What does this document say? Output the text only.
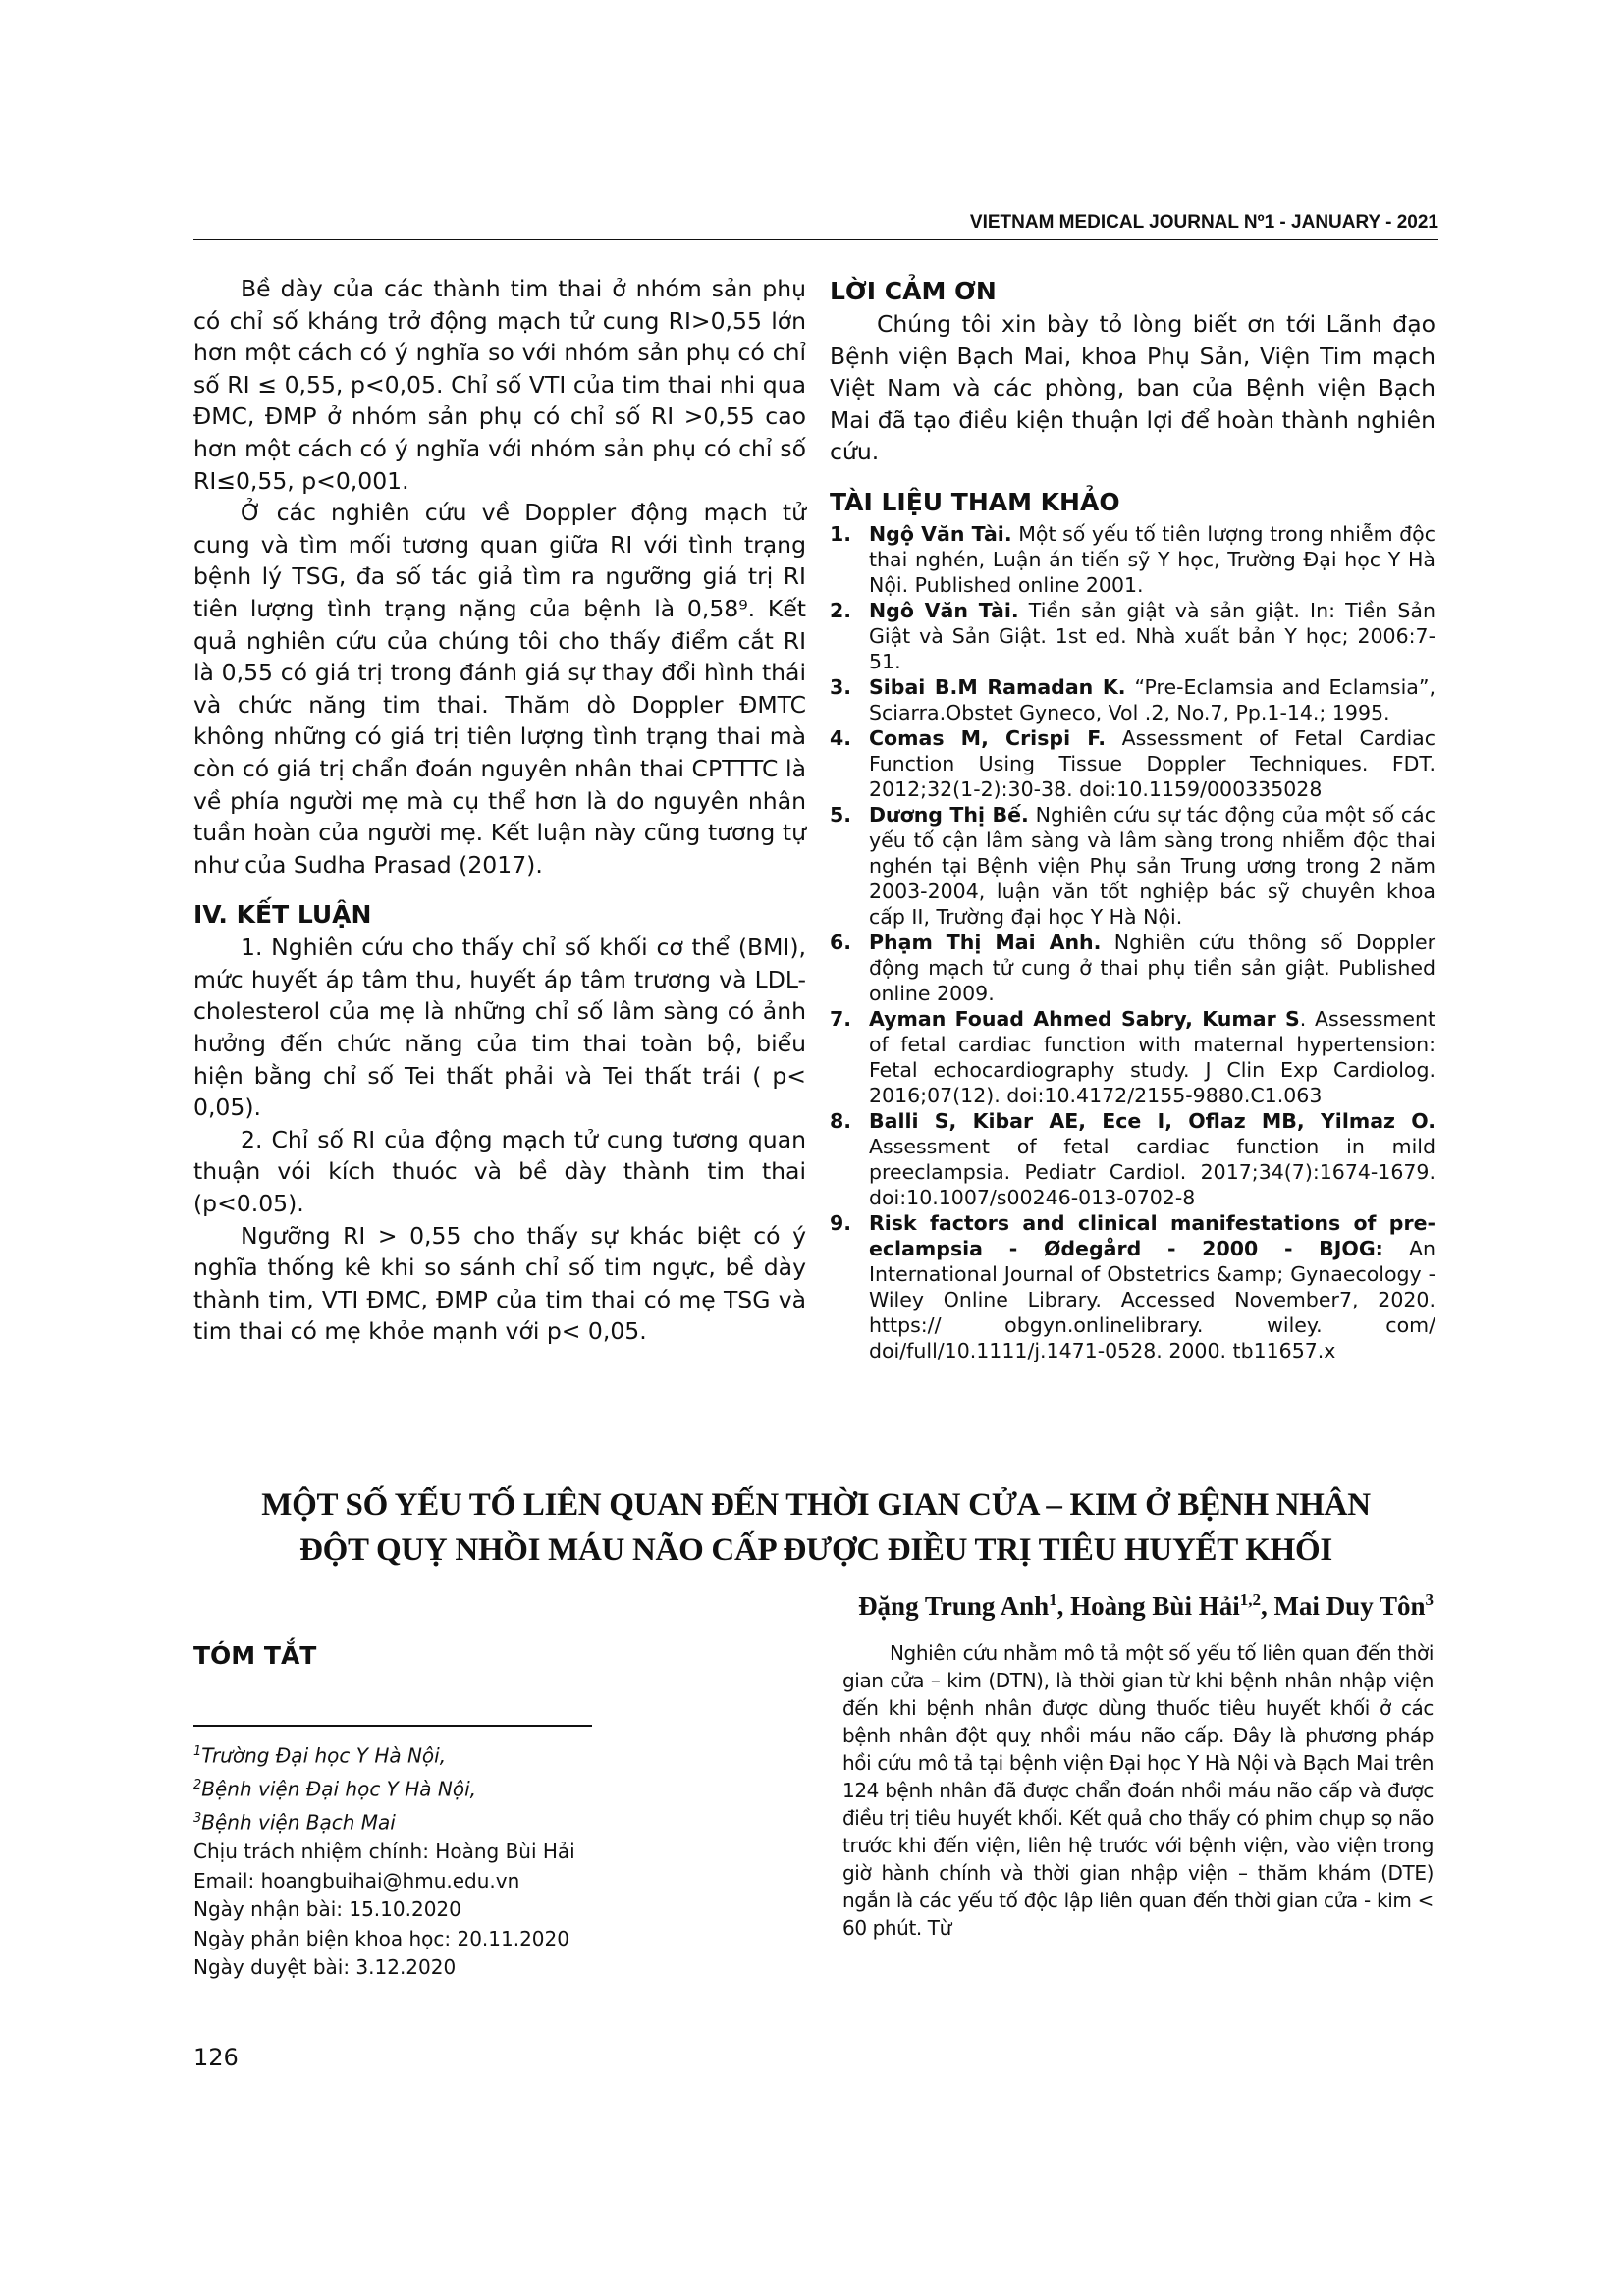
VIETNAM MEDICAL JOURNAL Nº1 - JANUARY - 2021

Bề dày của các thành tim thai ở nhóm sản phụ có chỉ số kháng trở động mạch tử cung RI>0,55 lớn hơn một cách có ý nghĩa so với nhóm sản phụ có chỉ số RI ≤ 0,55, p<0,05. Chỉ số VTI của tim thai nhi qua ĐMC, ĐMP ở nhóm sản phụ có chỉ số RI >0,55 cao hơn một cách có ý nghĩa với nhóm sản phụ có chỉ số RI≤0,55, p<0,001.

Ở các nghiên cứu về Doppler động mạch tử cung và tìm mối tương quan giữa RI với tình trạng bệnh lý TSG, đa số tác giả tìm ra ngưỡng giá trị RI tiên lượng tình trạng nặng của bệnh là 0,58⁹. Kết quả nghiên cứu của chúng tôi cho thấy điểm cắt RI là 0,55 có giá trị trong đánh giá sự thay đổi hình thái và chức năng tim thai. Thăm dò Doppler ĐMTC không những có giá trị tiên lượng tình trạng thai mà còn có giá trị chẩn đoán nguyên nhân thai CPTTTC là về phía người mẹ mà cụ thể hơn là do nguyên nhân tuần hoàn của người mẹ. Kết luận này cũng tương tự như của Sudha Prasad (2017).

IV. KẾT LUẬN

1. Nghiên cứu cho thấy chỉ số khối cơ thể (BMI), mức huyết áp tâm thu, huyết áp tâm trương và LDL-cholesterol của mẹ là những chỉ số lâm sàng có ảnh hưởng đến chức năng của tim thai toàn bộ, biểu hiện bằng chỉ số Tei thất phải và Tei thất trái ( p< 0,05).

2. Chỉ số RI của động mạch tử cung tương quan thuận vói kích thuóc và bề dày thành tim thai (p<0.05).

Ngưỡng RI > 0,55 cho thấy sự khác biệt có ý nghĩa thống kê khi so sánh chỉ số tim ngực, bề dày thành tim, VTI ĐMC, ĐMP của tim thai có mẹ TSG và tim thai có mẹ khỏe mạnh với p< 0,05.

LỜI CẢM ƠN

Chúng tôi xin bày tỏ lòng biết ơn tới Lãnh đạo Bệnh viện Bạch Mai, khoa Phụ Sản, Viện Tim mạch Việt Nam và các phòng, ban của Bệnh viện Bạch Mai đã tạo điều kiện thuận lợi để hoàn thành nghiên cứu.

TÀI LIỆU THAM KHẢO
1. Ngộ Văn Tài. Một số yếu tố tiên lượng trong nhiễm độc thai nghén, Luận án tiến sỹ Y học, Trường Đại học Y Hà Nội. Published online 2001.
2. Ngô Văn Tài. Tiền sản giật và sản giật. In: Tiền Sản Giật và Sản Giật. 1st ed. Nhà xuất bản Y học; 2006:7-51.
3. Sibai B.M Ramadan K. “Pre-Eclamsia and Eclamsia”, Sciarra.Obstet Gyneco, Vol .2, No.7, Pp.1-14.; 1995.
4. Comas M, Crispi F. Assessment of Fetal Cardiac Function Using Tissue Doppler Techniques. FDT. 2012;32(1-2):30-38. doi:10.1159/000335028
5. Dương Thị Bế. Nghiên cứu sự tác động của một số các yếu tố cận lâm sàng và lâm sàng trong nhiễm độc thai nghén tại Bệnh viện Phụ sản Trung ương trong 2 năm 2003-2004, luận văn tốt nghiệp bác sỹ chuyên khoa cấp II, Trường đại học Y Hà Nội.
6. Phạm Thị Mai Anh. Nghiên cứu thông số Doppler động mạch tử cung ở thai phụ tiền sản giật. Published online 2009.
7. Ayman Fouad Ahmed Sabry, Kumar S. Assessment of fetal cardiac function with maternal hypertension: Fetal echocardiography study. J Clin Exp Cardiolog. 2016;07(12). doi:10.4172/2155-9880.C1.063
8. Balli S, Kibar AE, Ece I, Oflaz MB, Yilmaz O. Assessment of fetal cardiac function in mild preeclampsia. Pediatr Cardiol. 2017;34(7):1674-1679. doi:10.1007/s00246-013-0702-8
9. Risk factors and clinical manifestations of pre-eclampsia - Ødegård - 2000 - BJOG: An International Journal of Obstetrics &amp; Gynaecology - Wiley Online Library. Accessed November7, 2020. https:// obgyn.onlinelibrary. wiley. com/ doi/full/10.1111/j.1471-0528. 2000. tb11657.x
MỘT SỐ YẾU TỐ LIÊN QUAN ĐẾN THỜI GIAN CỬA – KIM Ở BỆNH NHÂN
ĐỘT QUỴ NHỒI MÁU NÃO CẤP ĐƯỢC ĐIỀU TRỊ TIÊU HUYẾT KHỐI
Đặng Trung Anh$^1$, Hoàng Bùi Hải$^{1,2}$, Mai Duy Tôn$^3$
TÓM TẮT
$^1$Trường Đại học Y Hà Nội,
$^2$Bệnh viện Đại học Y Hà Nội,
$^3$Bệnh viện Bạch Mai
Chịu trách nhiệm chính: Hoàng Bùi Hải
Email: hoangbuihai@hmu.edu.vn
Ngày nhận bài: 15.10.2020
Ngày phản biện khoa học: 20.11.2020
Ngày duyệt bài: 3.12.2020
Nghiên cứu nhằm mô tả một số yếu tố liên quan đến thời gian cửa – kim (DTN), là thời gian từ khi bệnh nhân nhập viện đến khi bệnh nhân được dùng thuốc tiêu huyết khối ở các bệnh nhân đột quỵ nhồi máu não cấp. Đây là phương pháp hồi cứu mô tả tại bệnh viện Đại học Y Hà Nội và Bạch Mai trên 124 bệnh nhân đã được chẩn đoán nhồi máu não cấp và được điều trị tiêu huyết khối. Kết quả cho thấy có phim chụp sọ não trước khi đến viện, liên hệ trước với bệnh viện, vào viện trong giờ hành chính và thời gian nhập viện – thăm khám (DTE) ngắn là các yếu tố độc lập liên quan đến thời gian cửa - kim < 60 phút. Từ
126
